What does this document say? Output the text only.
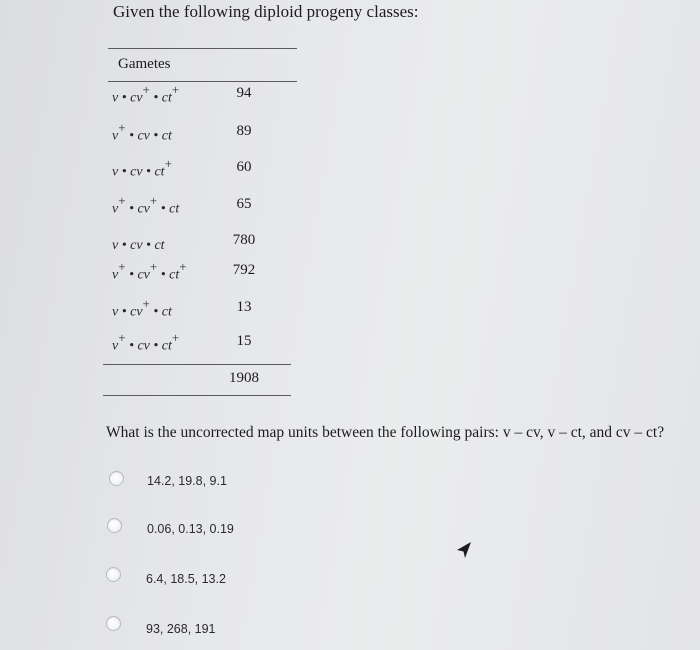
Given the following diploid progeny classes:
Gametes
v • cv+ • ct+	94
v+ • cv • ct	89
v • cv • ct+	60
v+ • cv+ • ct	65
v • cv • ct	780
v+ • cv+ • ct+	792
v • cv+ • ct	13
v+ • cv • ct+	15
1908
What is the uncorrected map units between the following pairs: v – cv, v – ct, and cv – ct?
14.2, 19.8, 9.1
0.06, 0.13, 0.19
6.4, 18.5, 13.2
93, 268, 191
